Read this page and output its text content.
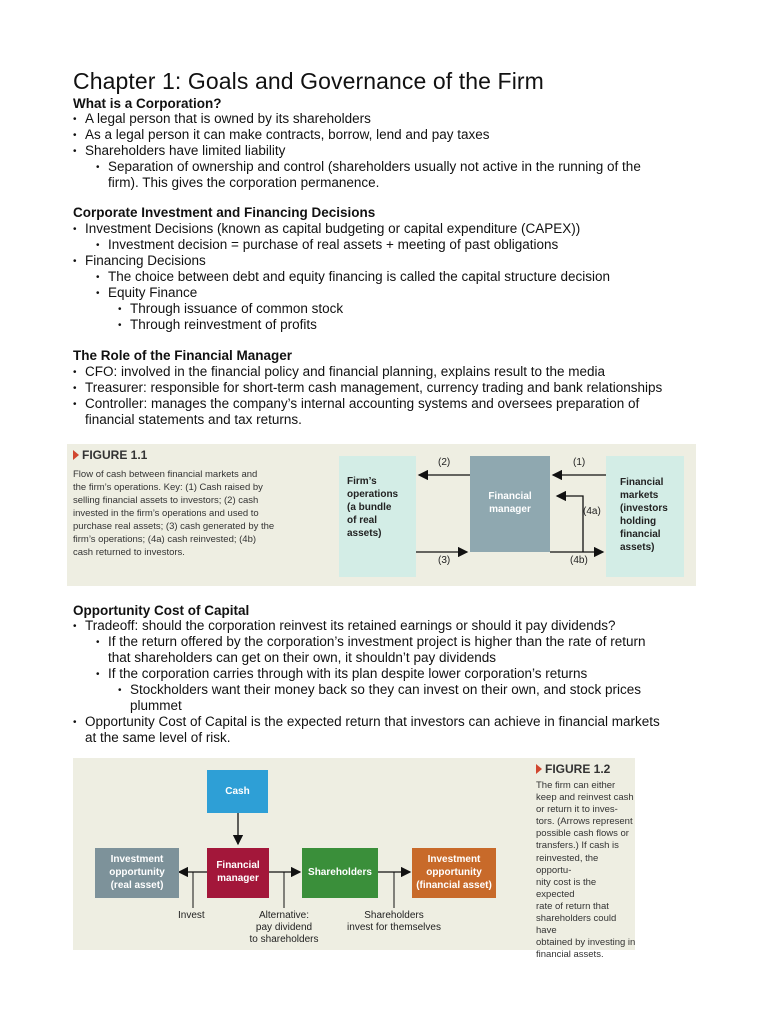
Chapter 1: Goals and Governance of the Firm
What is a Corporation?
• A legal person that is owned by its shareholders
• As a legal person it can make contracts, borrow, lend and pay taxes
• Shareholders have limited liability
• Separation of ownership and control (shareholders usually not active in the running of the
firm). This gives the corporation permanence.
Corporate Investment and Financing Decisions
• Investment Decisions (known as capital budgeting or capital expenditure (CAPEX))
• Investment decision = purchase of real assets + meeting of past obligations
• Financing Decisions
• The choice between debt and equity financing is called the capital structure decision
• Equity Finance
• Through issuance of common stock
• Through reinvestment of profits
The Role of the Financial Manager
• CFO: involved in the financial policy and financial planning, explains result to the media
• Treasurer: responsible for short-term cash management, currency trading and bank relationships
• Controller: manages the company’s internal accounting systems and oversees preparation of
financial statements and tax returns.
FIGURE 1.1
Flow of cash between financial markets and
the firm’s operations. Key: (1) Cash raised by
selling financial assets to investors; (2) cash
invested in the firm’s operations and used to
purchase real assets; (3) cash generated by the
firm’s operations; (4a) cash reinvested; (4b)
cash returned to investors.
Firm’s
operations
(a bundle
of real
assets)
Financial
manager
Financial
markets
(investors
holding
financial
assets)
(2)	(1)
(3)	(4b)
(4a)
Opportunity Cost of Capital
• Tradeoff: should the corporation reinvest its retained earnings or should it pay dividends?
• If the return offered by the corporation’s investment project is higher than the rate of return
that shareholders can get on their own, it shouldn’t pay dividends
• If the corporation carries through with its plan despite lower corporation’s returns
• Stockholders want their money back so they can invest on their own, and stock prices
plummet
• Opportunity Cost of Capital is the expected return that investors can achieve in financial markets
at the same level of risk.
FIGURE 1.2
The firm can either
keep and reinvest cash
or return it to inves-
tors. (Arrows represent
possible cash flows or
transfers.) If cash is
reinvested, the opportu-
nity cost is the expected
rate of return that
shareholders could have
obtained by investing in
financial assets.
Cash
Investment
opportunity
(real asset)
Financial
manager
Shareholders
Investment
opportunity
(financial asset)
Invest	Alternative:
pay dividend
to shareholders
Shareholders
invest for themselves
